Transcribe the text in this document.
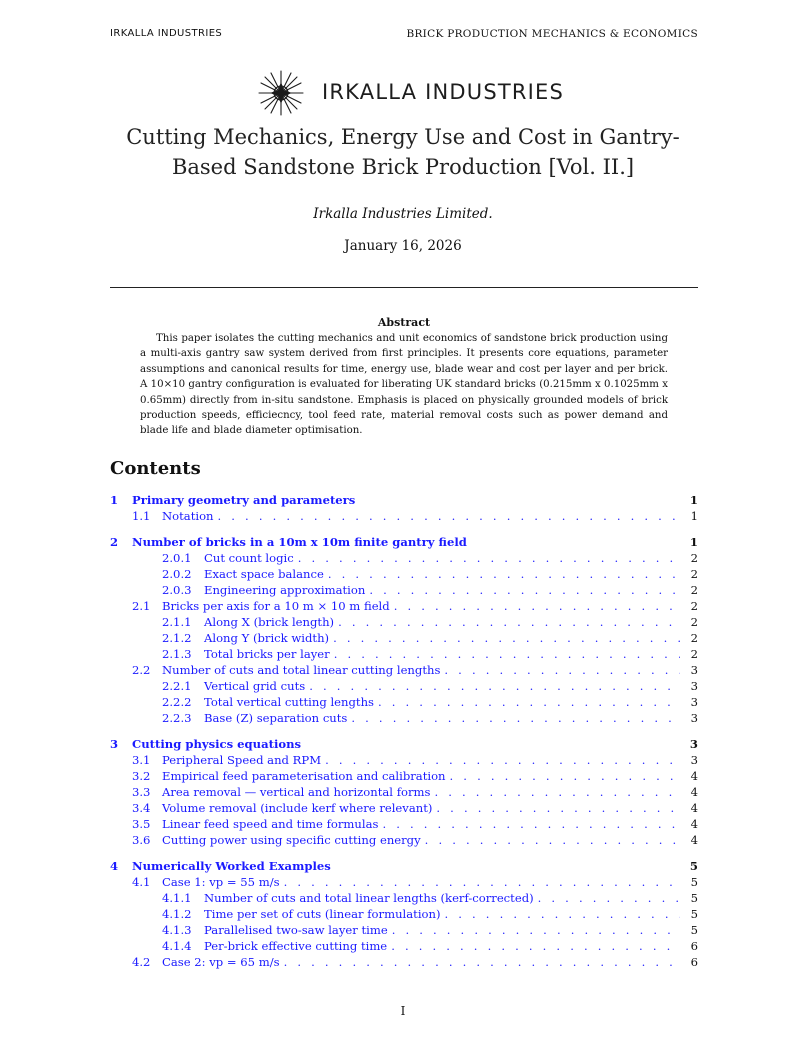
IRKALLA INDUSTRIES	BRICK PRODUCTION MECHANICS & ECONOMICS
IRKALLA INDUSTRIES
Cutting Mechanics, Energy Use and Cost in Gantry-Based Sandstone Brick Production [Vol. II.]
Irkalla Industries Limited.
January 16, 2026
Abstract
This paper isolates the cutting mechanics and unit economics of sandstone brick production using a multi-axis gantry saw system derived from first principles. It presents core equations, parameter assumptions and canonical results for time, energy use, blade wear and cost per layer and per brick. A 10×10 gantry configuration is evaluated for liberating UK standard bricks (0.215mm x 0.1025mm x 0.65mm) directly from in-situ sandstone. Emphasis is placed on physically grounded models of brick production speeds, efficiecncy, tool feed rate, material removal costs such as power demand and blade life and blade diameter optimisation.
Contents
1	Primary geometry and parameters	1
1.1 Notation . . .	1
2	Number of bricks in a 10m x 10m finite gantry field	1
2.0.1	Cut count logic . . .	2
2.0.2	Exact space balance . . .	2
2.0.3	Engineering approximation . . .	2
2.1 Bricks per axis for a 10 m × 10 m field . . .	2
2.1.1	Along X (brick length) . . .	2
2.1.2	Along Y (brick width) . . .	2
2.1.3	Total bricks per layer . . .	2
2.2 Number of cuts and total linear cutting lengths . . .	3
2.2.1	Vertical grid cuts . . .	3
2.2.2	Total vertical cutting lengths . . .	3
2.2.3	Base (Z) separation cuts . . .	3
3	Cutting physics equations	3
3.1 Peripheral Speed and RPM . . .	3
3.2 Empirical feed parameterisation and calibration . . .	4
3.3 Area removal — vertical and horizontal forms . . .	4
3.4 Volume removal (include kerf where relevant) . . .	4
3.5 Linear feed speed and time formulas . . .	4
3.6 Cutting power using specific cutting energy . . .	4
4	Numerically Worked Examples	5
4.1 Case 1: vp = 55 m/s . . .	5
4.1.1	Number of cuts and total linear lengths (kerf-corrected) . . .	5
4.1.2	Time per set of cuts (linear formulation) . . .	5
4.1.3	Parallelised two-saw layer time . . .	5
4.1.4	Per-brick effective cutting time . . .	6
4.2 Case 2: vp = 65 m/s . . .	6
I
